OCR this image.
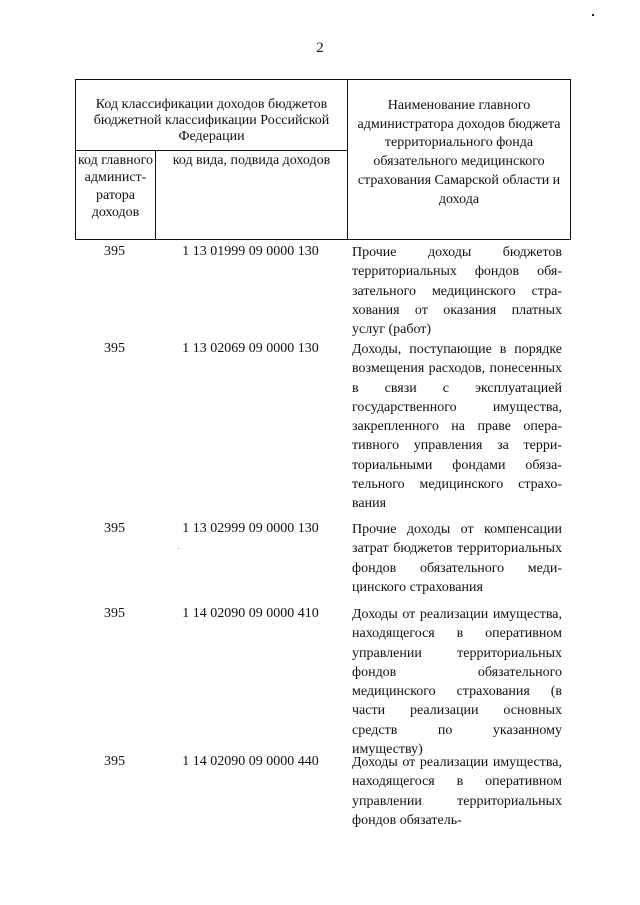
2
Код классификации доходов бюджетов бюджетной классификации Российской Федерации
Наименование главного администратора доходов бюджета территориального фонда обязательного медицинского страхования Самарской области и дохода
код главного админист-ратора доходов
код вида, подвида доходов
395	1 13 01999 09 0000 130	Прочие доходы бюджетов территориальных фондов обязательного медицинского страхования от оказания платных услуг (работ)
395	1 13 02069 09 0000 130	Доходы, поступающие в порядке возмещения расходов, понесенных в связи с эксплуатацией государственного имущества, закрепленного на праве оперативного управления за территориальными фондами обязательного медицинского страхования
395	1 13 02999 09 0000 130	Прочие доходы от компенсации затрат бюджетов территориальных фондов обязательного медицинского страхования
395	1 14 02090 09 0000 410	Доходы от реализации имущества, находящегося в оперативном управлении территориальных фондов обязательного медицинского страхования (в части реализации основных средств по указанному имуществу)
395	1 14 02090 09 0000 440	Доходы от реализации имущества, находящегося в оперативном управлении территориальных фондов обязатель-
